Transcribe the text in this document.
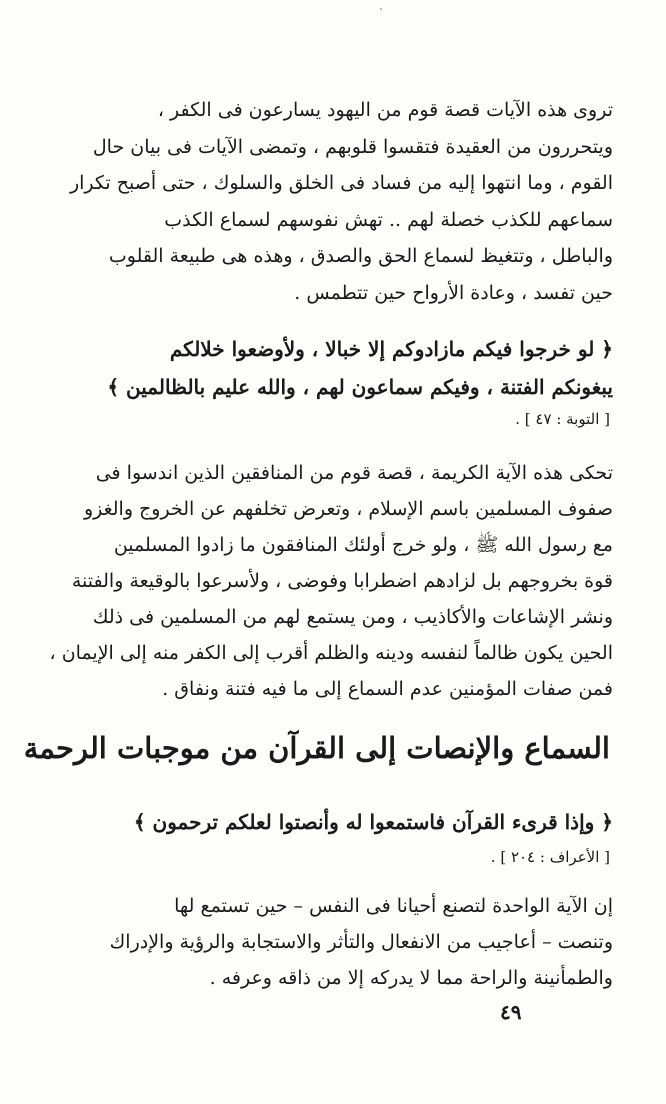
تروى هذه الآيات قصة قوم من اليهود يسارعون فى الكفر ،
ويتحررون من العقيدة فتقسوا قلوبهم ، وتمضى الآيات فى بيان حال
القوم ، وما انتهوا إليه من فساد فى الخلق والسلوك ، حتى أصبح تكرار
سماعهم للكذب خصلة لهم .. تهش نفوسهم لسماع الكذب
والباطل ، وتتغيظ لسماع الحق والصدق ، وهذه هى طبيعة القلوب
حين تفسد ، وعادة الأرواح حين تتطمس .
﴿ لو خرجوا فيكم مازادوكم إلا خبالا ، ولأوضعوا خلالكم
يبغونكم الفتنة ، وفيكم سماعون لهم ، والله عليم بالظالمين ﴾
[ التوبة : ٤٧ ] .
تحكى هذه الآية الكريمة ، قصة قوم من المنافقين الذين اندسوا فى
صفوف المسلمين باسم الإسلام ، وتعرض تخلفهم عن الخروج والغزو
مع رسول الله ﷺ ، ولو خرج أولئك المنافقون ما زادوا المسلمين
قوة بخروجهم بل لزادهم اضطرابا وفوضى ، ولأسرعوا بالوقيعة والفتنة
ونشر الإشاعات والأكاذيب ، ومن يستمع لهم من المسلمين فى ذلك
الحين يكون ظالماً لنفسه ودينه والظلم أقرب إلى الكفر منه إلى الإيمان ،
فمن صفات المؤمنين عدم السماع إلى ما فيه فتنة ونفاق .
السماع والإنصات إلى القرآن من موجبات الرحمة
﴿ وإذا قرىء القرآن فاستمعوا له وأنصتوا لعلكم ترحمون ﴾
[ الأعراف : ٢٠٤ ] .
إن الآية الواحدة لتصنع أحيانا فى النفس – حين تستمع لها
وتنصت – أعاجيب من الانفعال والتأثر والاستجابة والرؤية والإدراك
والطمأنينة والراحة مما لا يدركه إلا من ذاقه وعرفه .
٤٩
